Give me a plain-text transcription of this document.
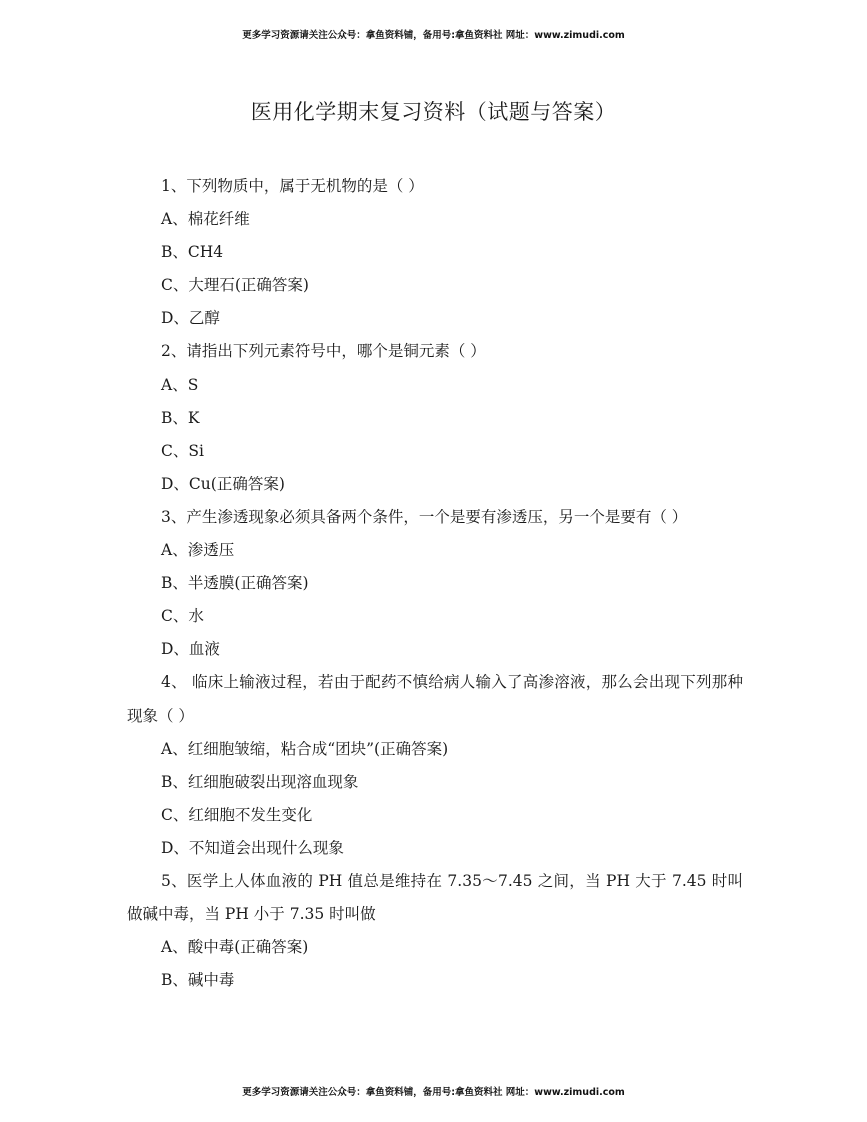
更多学习资源请关注公众号：拿鱼资料铺，备用号:拿鱼资料社 网址：www.zimudi.com
医用化学期末复习资料（试题与答案）
1、下列物质中，属于无机物的是（ ）
A、棉花纤维
B、CH4
C、大理石(正确答案)
D、乙醇
2、请指出下列元素符号中，哪个是铜元素（ ）
A、S
B、K
C、Si
D、Cu(正确答案)
3、产生渗透现象必须具备两个条件，一个是要有渗透压，另一个是要有（ ）
A、渗透压
B、半透膜(正确答案)
C、水
D、血液
4、 临床上输液过程，若由于配药不慎给病人输入了高渗溶液，那么会出现下列那种现象（ ）
A、红细胞皱缩，粘合成“团块”(正确答案)
B、红细胞破裂出现溶血现象
C、红细胞不发生变化
D、不知道会出现什么现象
5、医学上人体血液的 PH 值总是维持在 7.35～7.45 之间，当 PH 大于 7.45 时叫做碱中毒，当 PH 小于 7.35 时叫做
A、酸中毒(正确答案)
B、碱中毒
更多学习资源请关注公众号：拿鱼资料铺，备用号:拿鱼资料社 网址：www.zimudi.com
